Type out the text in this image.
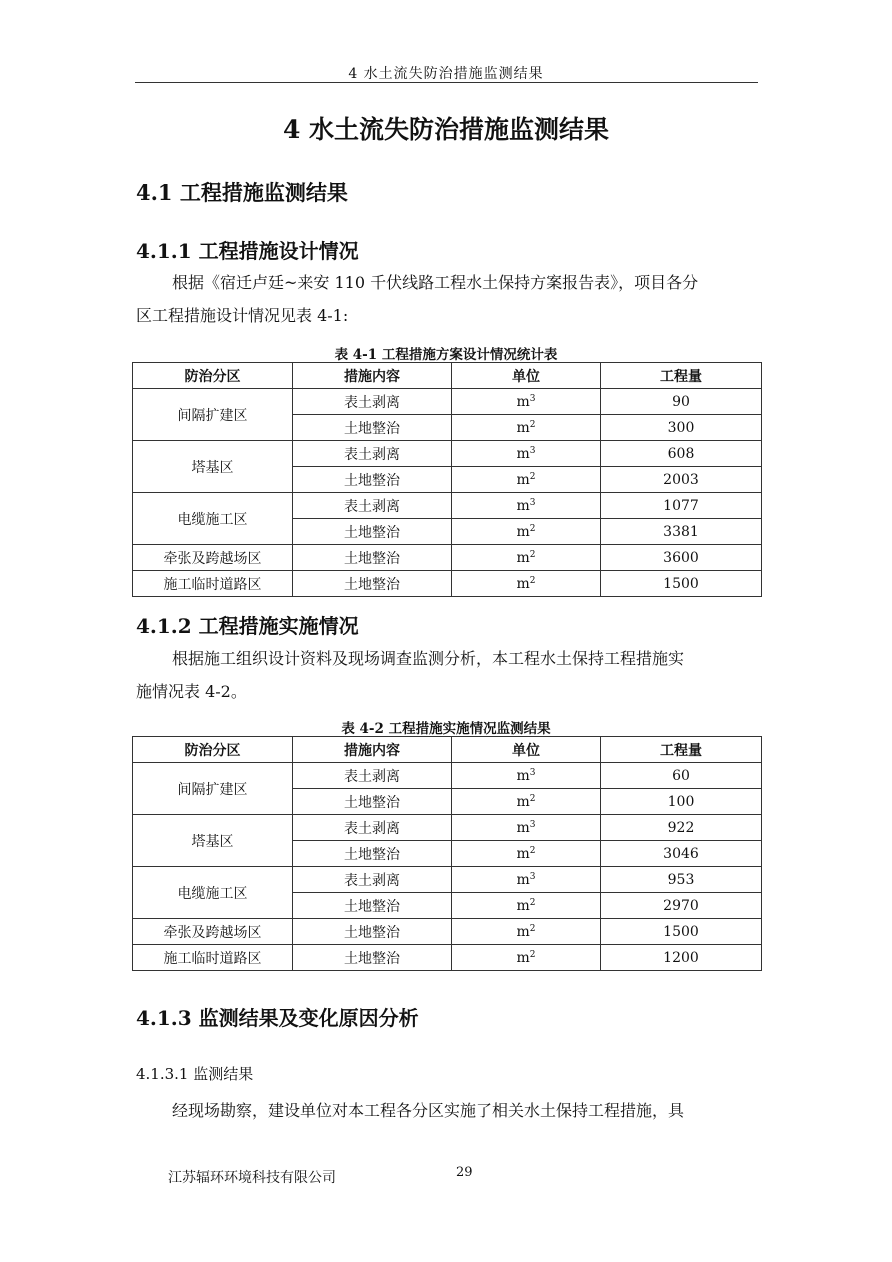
4 水土流失防治措施监测结果
4 水土流失防治措施监测结果
4.1 工程措施监测结果
4.1.1 工程措施设计情况
根据《宿迁卢廷~来安 110 千伏线路工程水土保持方案报告表》，项目各分
区工程措施设计情况见表 4-1:
表 4-1 工程措施方案设计情况统计表
防治分区	措施内容	单位	工程量
间隔扩建区	表土剥离	$m^3$	90
	土地整治	$m^2$	300
塔基区	表土剥离	$m^3$	608
	土地整治	$m^2$	2003
电缆施工区	表土剥离	$m^3$	1077
	土地整治	$m^2$	3381
牵张及跨越场区	土地整治	$m^2$	3600
施工临时道路区	土地整治	$m^2$	1500
4.1.2 工程措施实施情况
根据施工组织设计资料及现场调查监测分析，本工程水土保持工程措施实
施情况表 4-2。
表 4-2 工程措施实施情况监测结果
防治分区	措施内容	单位	工程量
间隔扩建区	表土剥离	$m^3$	60
	土地整治	$m^2$	100
塔基区	表土剥离	$m^3$	922
	土地整治	$m^2$	3046
电缆施工区	表土剥离	$m^3$	953
	土地整治	$m^2$	2970
牵张及跨越场区	土地整治	$m^2$	1500
施工临时道路区	土地整治	$m^2$	1200
4.1.3 监测结果及变化原因分析
4.1.3.1 监测结果
经现场勘察，建设单位对本工程各分区实施了相关水土保持工程措施，具
江苏辐环环境科技有限公司	29
